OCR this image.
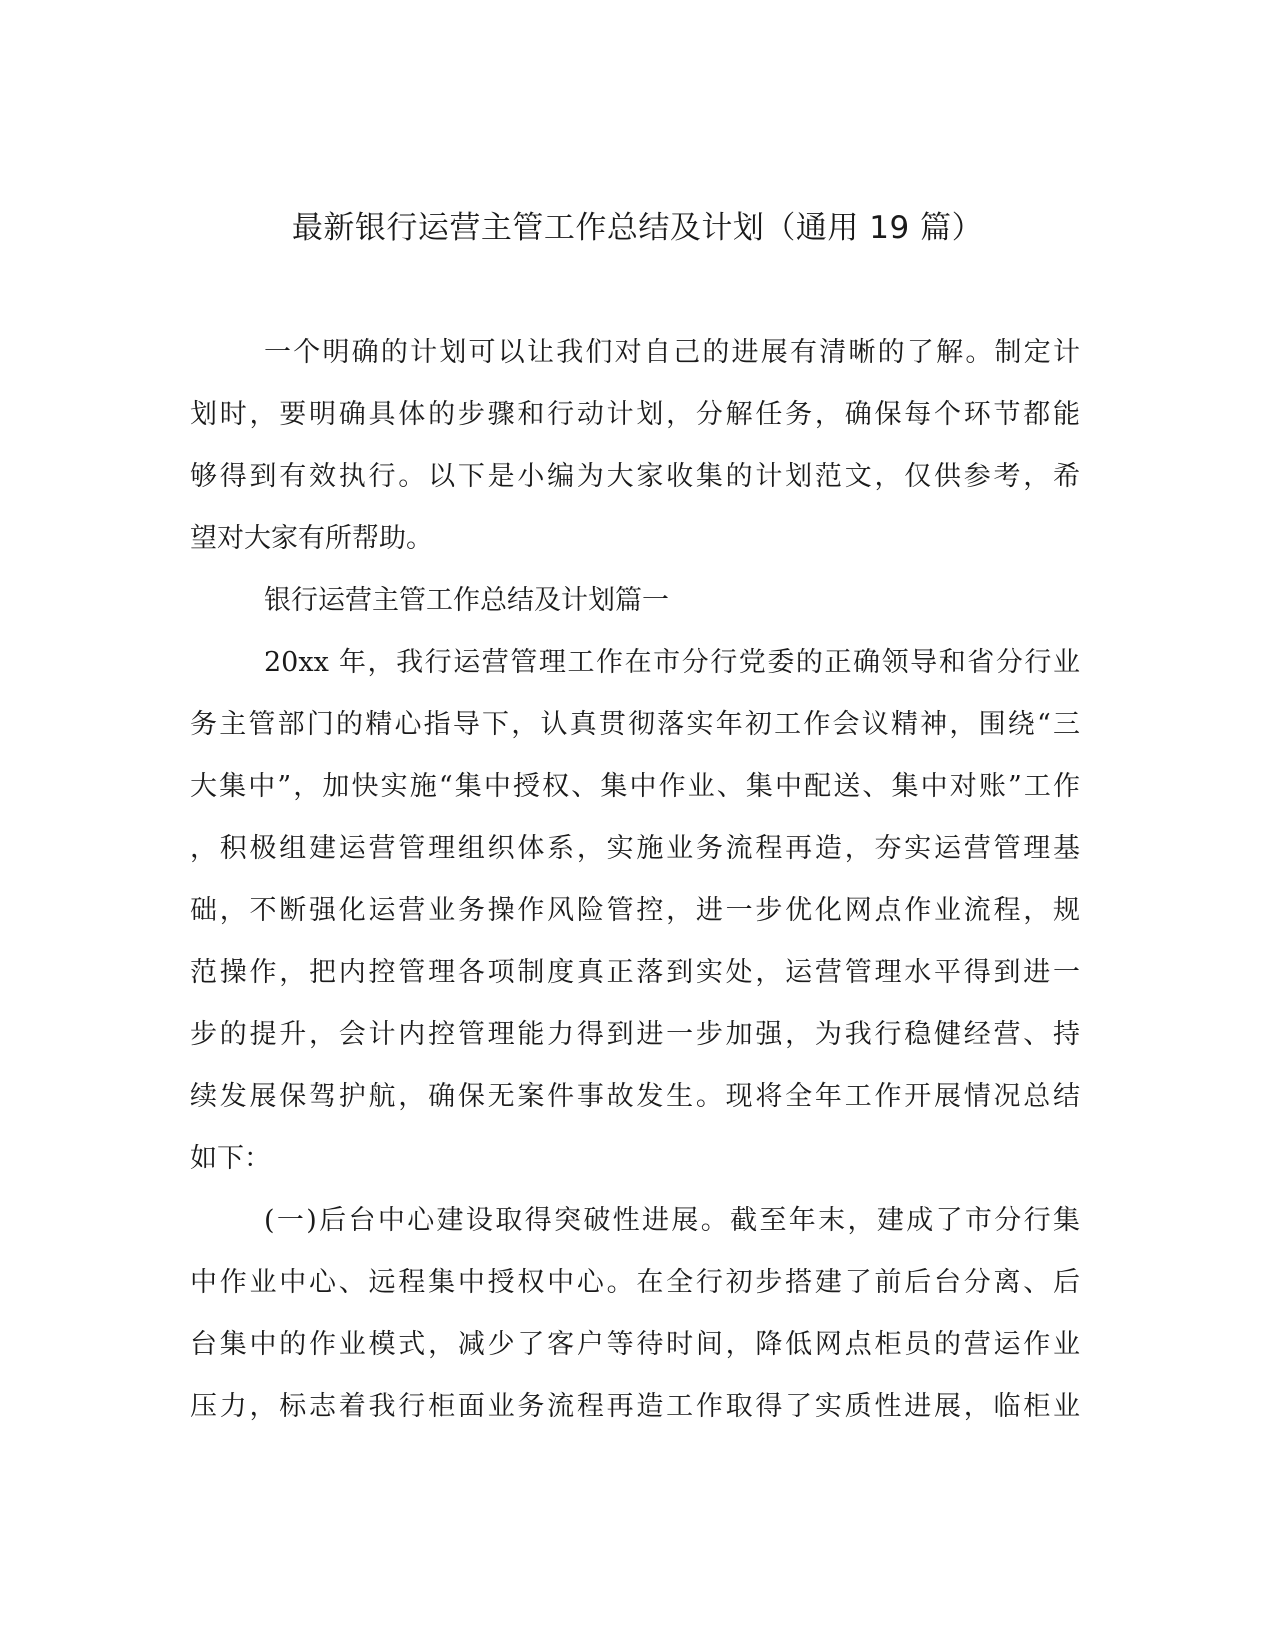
最新银行运营主管工作总结及计划（通用 19 篇）
一个明确的计划可以让我们对自己的进展有清晰的了解。制定计
划时，要明确具体的步骤和行动计划，分解任务，确保每个环节都能
够得到有效执行。以下是小编为大家收集的计划范文，仅供参考，希
望对大家有所帮助。
银行运营主管工作总结及计划篇一
20xx 年，我行运营管理工作在市分行党委的正确领导和省分行业
务主管部门的精心指导下，认真贯彻落实年初工作会议精神，围绕“三
大集中”，加快实施“集中授权、集中作业、集中配送、集中对账”工作
，积极组建运营管理组织体系，实施业务流程再造，夯实运营管理基
础，不断强化运营业务操作风险管控，进一步优化网点作业流程，规
范操作，把内控管理各项制度真正落到实处，运营管理水平得到进一
步的提升，会计内控管理能力得到进一步加强，为我行稳健经营、持
续发展保驾护航，确保无案件事故发生。现将全年工作开展情况总结
如下：
(一)后台中心建设取得突破性进展。截至年末，建成了市分行集
中作业中心、远程集中授权中心。在全行初步搭建了前后台分离、后
台集中的作业模式，减少了客户等待时间，降低网点柜员的营运作业
压力，标志着我行柜面业务流程再造工作取得了实质性进展，临柜业
